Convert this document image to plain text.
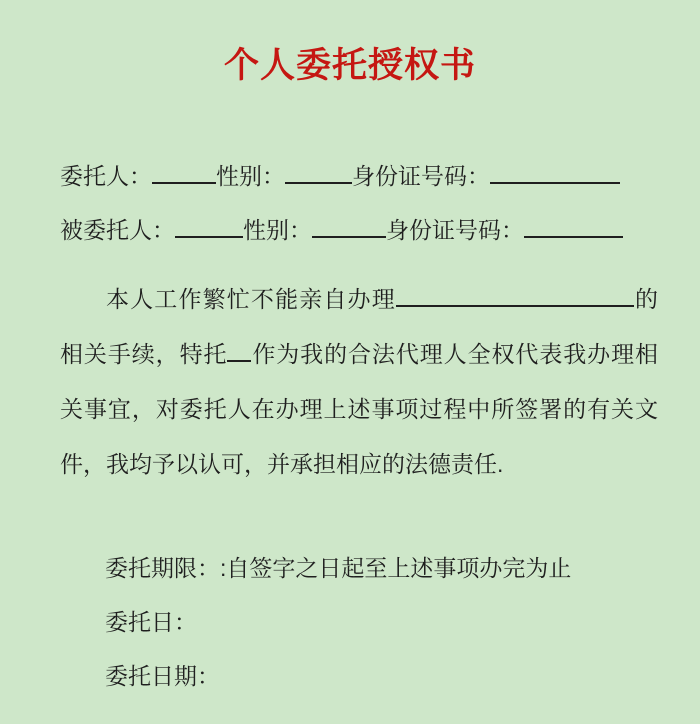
个人委托授权书
委托人：	性别：	身份证号码：
被委托人：	性别：	身份证号码：

本人工作繁忙不能亲自办理	的相关手续，特托 作为我的合法代理人全权代表我办理相关事宜，对委托人在办理上述事项过程中所签署的有关文件，我均予以认可，并承担相应的法德责任.

委托期限：:自签字之日起至上述事项办完为止
委托日：
委托日期：
